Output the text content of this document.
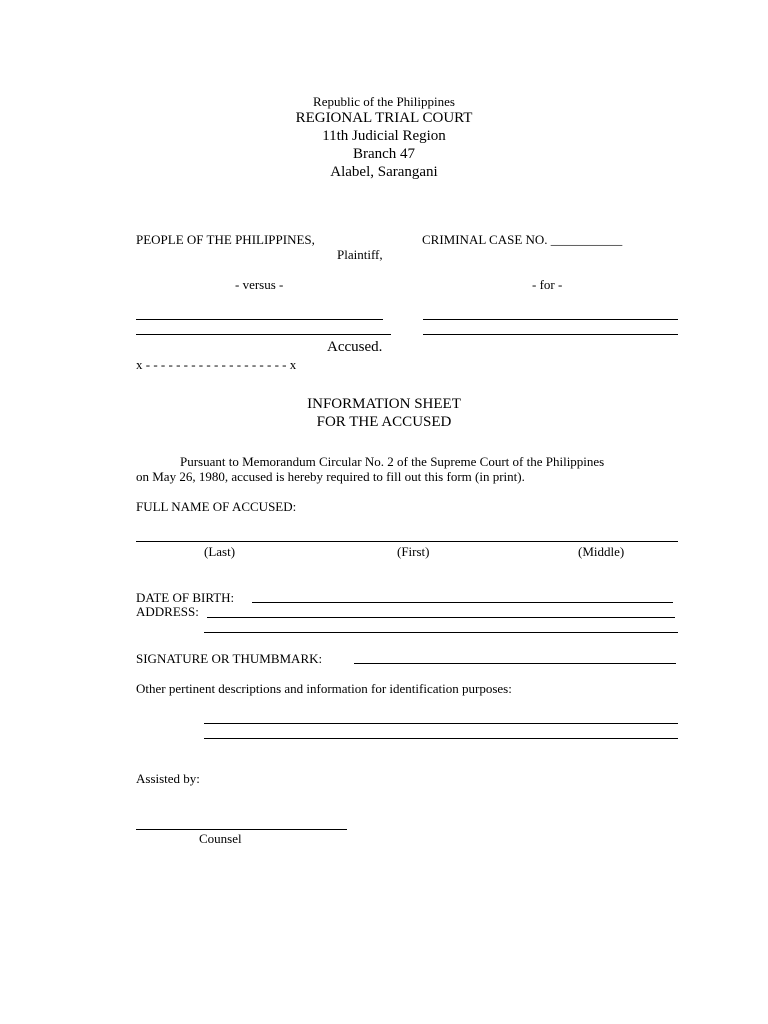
Republic of the Philippines
REGIONAL TRIAL COURT
11th Judicial Region
Branch 47
Alabel, Sarangani
PEOPLE OF THE PHILIPPINES,
Plaintiff,
CRIMINAL CASE NO. ___________
- versus -	- for -
Accused.
x - - - - - - - - - - - - - - - - - - - x
INFORMATION SHEET
FOR THE ACCUSED
Pursuant to Memorandum Circular No. 2 of the Supreme Court of the Philippines
on May 26, 1980, accused is hereby required to fill out this form (in print).
FULL NAME OF ACCUSED:
(Last)	(First)	(Middle)
DATE OF BIRTH:
ADDRESS:
SIGNATURE OR THUMBMARK:
Other pertinent descriptions and information for identification purposes:
Assisted by:
Counsel
